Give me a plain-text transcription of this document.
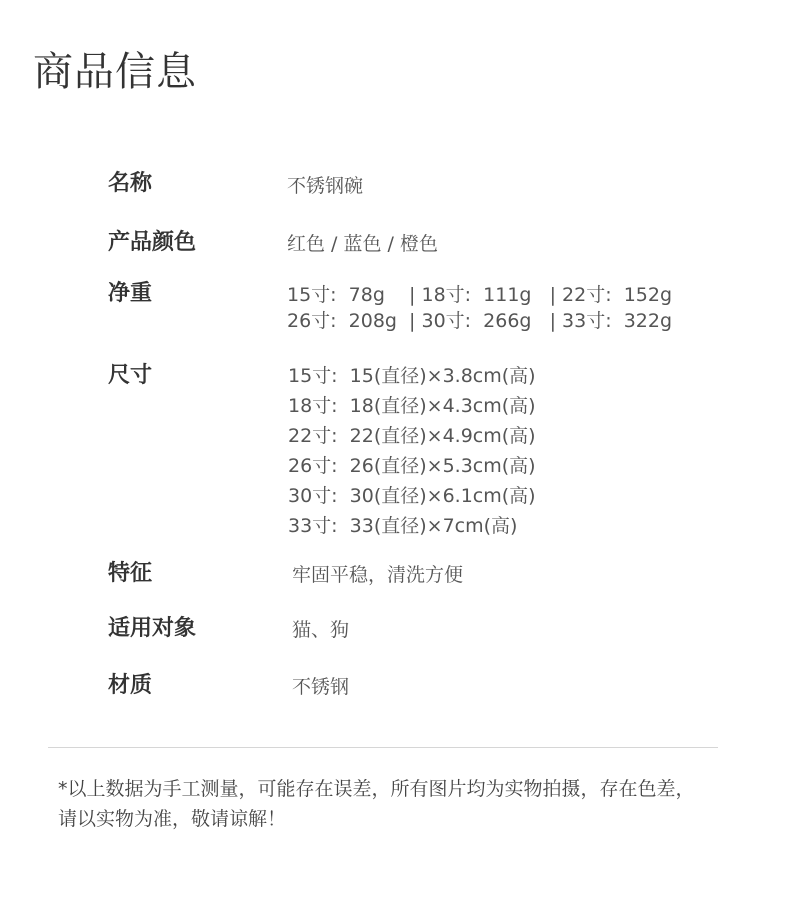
商品信息
名称	不锈钢碗
产品颜色	红色 / 蓝色 / 橙色
净重	15寸:  78g    | 18寸:  111g   | 22寸:  152g
26寸:  208g  | 30寸:  266g   | 33寸:  322g
尺寸	15寸:  15(直径)×3.8cm(高)
18寸:  18(直径)×4.3cm(高)
22寸:  22(直径)×4.9cm(高)
26寸:  26(直径)×5.3cm(高)
30寸:  30(直径)×6.1cm(高)
33寸:  33(直径)×7cm(高)
特征	牢固平稳，清洗方便
适用对象	猫、狗
材质	不锈钢
*以上数据为手工测量，可能存在误差，所有图片均为实物拍摄，存在色差，
请以实物为准，敬请谅解！
